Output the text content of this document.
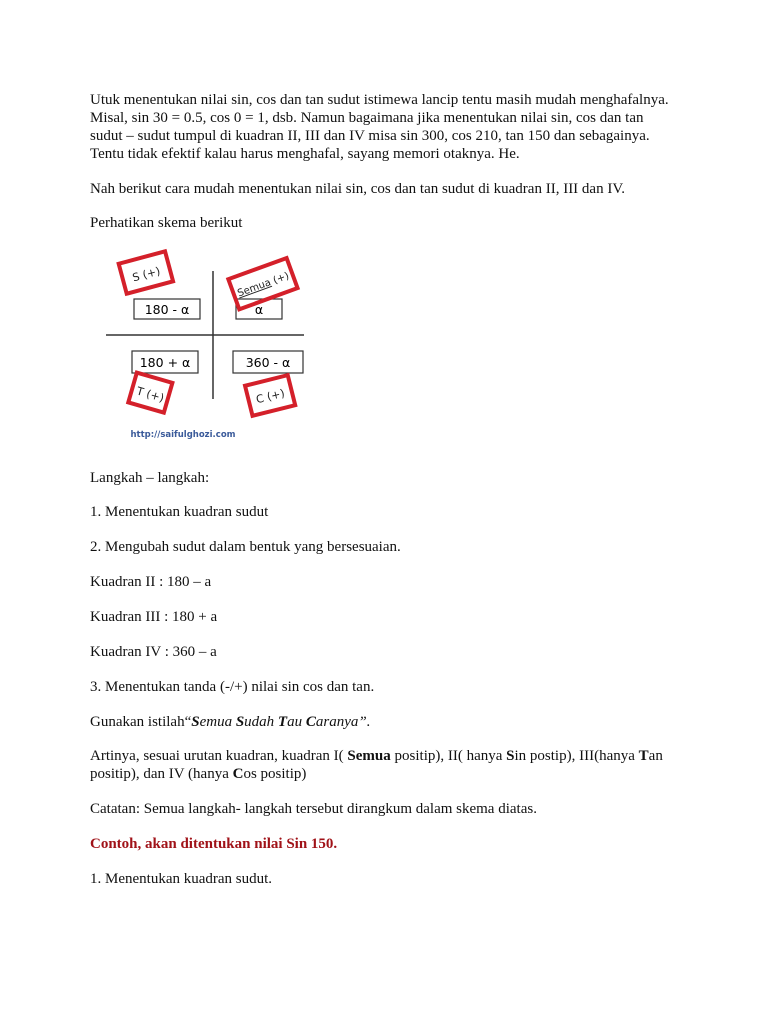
Utuk menentukan nilai sin, cos dan tan sudut istimewa lancip tentu masih mudah menghafalnya.

Misal, sin 30 = 0.5, cos 0 = 1, dsb. Namun bagaimana jika menentukan nilai sin, cos dan tan

sudut – sudut tumpul di kuadran II, III dan IV misa sin 300, cos 210, tan 150 dan sebagainya.

Tentu tidak efektif kalau harus menghafal, sayang memori otaknya. He.

Nah berikut cara mudah menentukan nilai sin, cos dan tan sudut di kuadran II, III dan IV.

Perhatikan skema berikut

180 - α	α
180 + α	360 - α
S (+)
Semua (+)
T (+)	C (+)
http://saifulghozi.com

Langkah – langkah:

1. Menentukan kuadran sudut

2. Mengubah sudut dalam bentuk yang bersesuaian.

Kuadran II : 180 – a

Kuadran III : 180 + a

Kuadran IV : 360 – a

3. Menentukan tanda (-/+) nilai sin cos dan tan.

Gunakan istilah“Semua Sudah Tau Caranya”.

Artinya, sesuai urutan kuadran, kuadran I( Semua positip), II( hanya Sin postip), III(hanya Tan

positip), dan IV (hanya Cos positip)

Catatan: Semua langkah- langkah tersebut dirangkum dalam skema diatas.

Contoh, akan ditentukan nilai Sin 150.

1. Menentukan kuadran sudut.
